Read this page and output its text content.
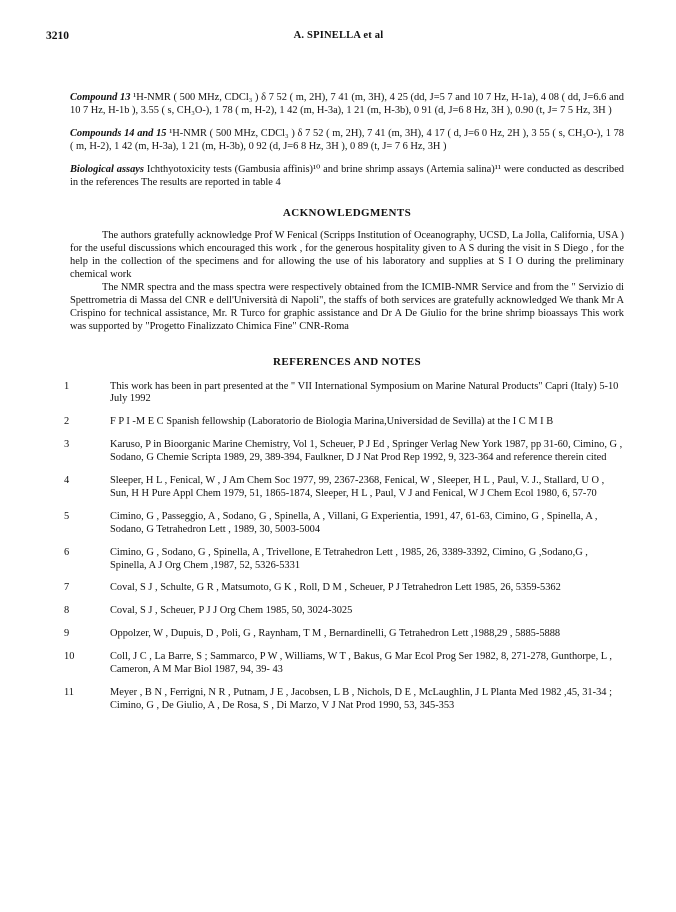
3210	A. SPINELLA et al

Compound 13 ¹H-NMR ( 500 MHz, CDCl₃ ) δ 7 52 ( m, 2H), 7 41 (m, 3H), 4 25 (dd, J=5 7 and 10 7 Hz, H-1a), 4 08 ( dd, J=6.6 and 10 7 Hz, H-1b ), 3.55 ( s, CH₃O-), 1 78 ( m, H-2), 1 42 (m, H-3a), 1 21 (m, H-3b), 0 91 (d, J=6 8 Hz, 3H ), 0.90 (t, J= 7 5 Hz, 3H )

Compounds 14 and 15 ¹H-NMR ( 500 MHz, CDCl₃ ) δ 7 52 ( m, 2H), 7 41 (m, 3H), 4 17 ( d, J=6 0 Hz, 2H ), 3 55 ( s, CH₃O-), 1 78 ( m, H-2), 1 42 (m, H-3a), 1 21 (m, H-3b), 0 92 (d, J=6 8 Hz, 3H ), 0 89 (t, J= 7 6 Hz, 3H )

Biological assays Ichthyotoxicity tests (Gambusia affinis)¹⁰ and brine shrimp assays (Artemia salina)¹¹ were conducted as described in the references The results are reported in table 4

ACKNOWLEDGMENTS

The authors gratefully acknowledge Prof W Fenical (Scripps Institution of Oceanography, UCSD, La Jolla, California, USA ) for the useful discussions which encouraged this work , for the generous hospitality given to A S during the visit in S Diego , for the help in the collection of the specimens and for allowing the use of his laboratory and supplies at S I O during the preliminary chemical work

The NMR spectra and the mass spectra were respectively obtained from the ICMIB-NMR Service and from the " Servizio di Spettrometria di Massa del CNR e dell'Università di Napoli", the staffs of both services are gratefully acknowledged We thank Mr A Crispino for technical assistance, Mr. R Turco for graphic assistance and Dr A De Giulio for the brine shrimp bioassays This work was supported by "Progetto Finalizzato Chimica Fine" CNR-Roma

REFERENCES AND NOTES
1	This work has been in part presented at the " VII International Symposium on Marine Natural Products" Capri (Italy) 5-10 July 1992
2	F P I -M E C Spanish fellowship (Laboratorio de Biologia Marina,Universidad de Sevilla) at the I C M I B
3	Karuso, P in Bioorganic Marine Chemistry, Vol 1, Scheuer, P J Ed , Springer Verlag New York 1987, pp 31-60, Cimino, G , Sodano, G Chemie Scripta 1989, 29, 389-394, Faulkner, D J Nat Prod Rep 1992, 9, 323-364 and reference therein cited
4	Sleeper, H L , Fenical, W , J Am Chem Soc 1977, 99, 2367-2368, Fenical, W , Sleeper, H L , Paul, V. J., Stallard, U O , Sun, H H Pure Appl Chem 1979, 51, 1865-1874, Sleeper, H L , Paul, V J and Fenical, W J Chem Ecol 1980, 6, 57-70
5	Cimino, G , Passeggio, A , Sodano, G , Spinella, A , Villani, G Experientia, 1991, 47, 61-63, Cimino, G , Spinella, A , Sodano, G Tetrahedron Lett , 1989, 30, 5003-5004
6	Cimino, G , Sodano, G , Spinella, A , Trivellone, E Tetrahedron Lett , 1985, 26, 3389-3392, Cimino, G ,Sodano,G , Spinella, A J Org Chem ,1987, 52, 5326-5331
7	Coval, S J , Schulte, G R , Matsumoto, G K , Roll, D M , Scheuer, P J Tetrahedron Lett 1985, 26, 5359-5362
8	Coval, S J , Scheuer, P J J Org Chem 1985, 50, 3024-3025
9	Oppolzer, W , Dupuis, D , Poli, G , Raynham, T M , Bernardinelli, G Tetrahedron Lett ,1988,29 , 5885-5888
10	Coll, J C , La Barre, S ; Sammarco, P W , Williams, W T , Bakus, G Mar Ecol Prog Ser 1982, 8, 271-278, Gunthorpe, L , Cameron, A M Mar Biol 1987, 94, 39- 43
11	Meyer , B N , Ferrigni, N R , Putnam, J E , Jacobsen, L B , Nichols, D E , McLaughlin, J L Planta Med 1982 ,45, 31-34 ; Cimino, G , De Giulio, A , De Rosa, S , Di Marzo, V J Nat Prod 1990, 53, 345-353
